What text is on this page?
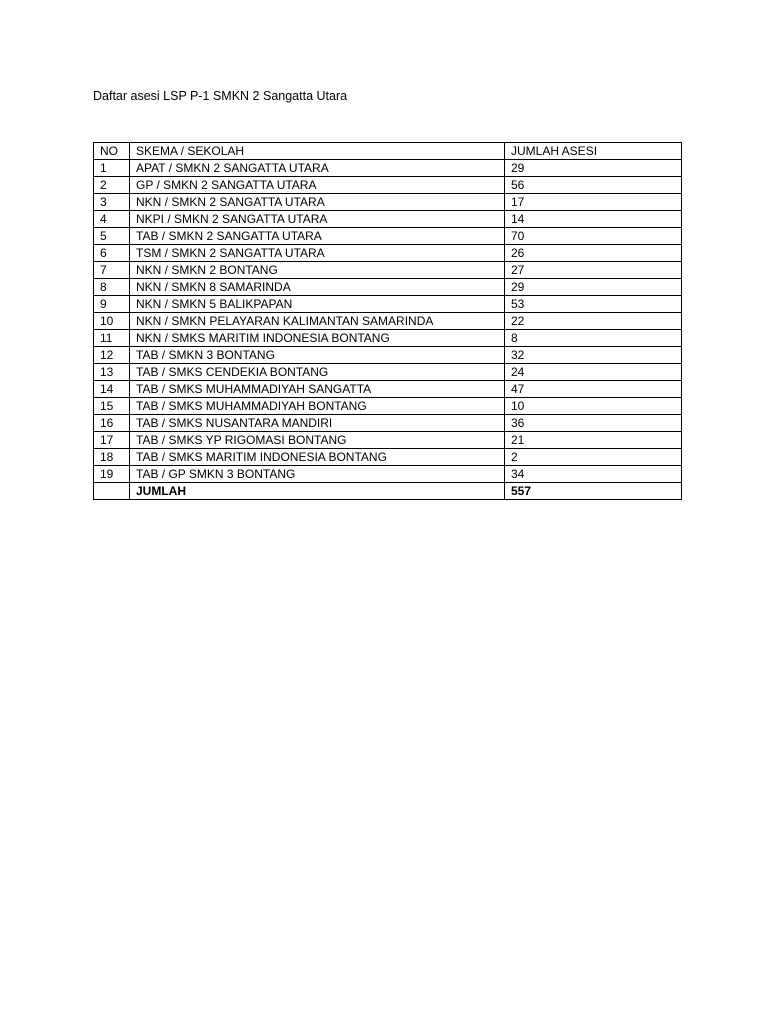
Daftar asesi LSP P-1 SMKN 2 Sangatta Utara
NO	SKEMA / SEKOLAH	JUMLAH ASESI
1	APAT / SMKN 2 SANGATTA UTARA	29
2	GP / SMKN 2 SANGATTA UTARA	56
3	NKN / SMKN 2 SANGATTA UTARA	17
4	NKPI / SMKN 2 SANGATTA UTARA	14
5	TAB / SMKN 2 SANGATTA UTARA	70
6	TSM / SMKN 2 SANGATTA UTARA	26
7	NKN / SMKN 2 BONTANG	27
8	NKN / SMKN 8 SAMARINDA	29
9	NKN / SMKN 5 BALIKPAPAN	53
10	NKN / SMKN PELAYARAN KALIMANTAN SAMARINDA	22
11	NKN / SMKS MARITIM INDONESIA BONTANG	8
12	TAB / SMKN 3 BONTANG	32
13	TAB / SMKS CENDEKIA BONTANG	24
14	TAB / SMKS MUHAMMADIYAH SANGATTA	47
15	TAB / SMKS MUHAMMADIYAH BONTANG	10
16	TAB / SMKS NUSANTARA MANDIRI	36
17	TAB / SMKS YP RIGOMASI BONTANG	21
18	TAB / SMKS MARITIM INDONESIA BONTANG	2
19	TAB / GP SMKN 3 BONTANG	34
	JUMLAH	557
